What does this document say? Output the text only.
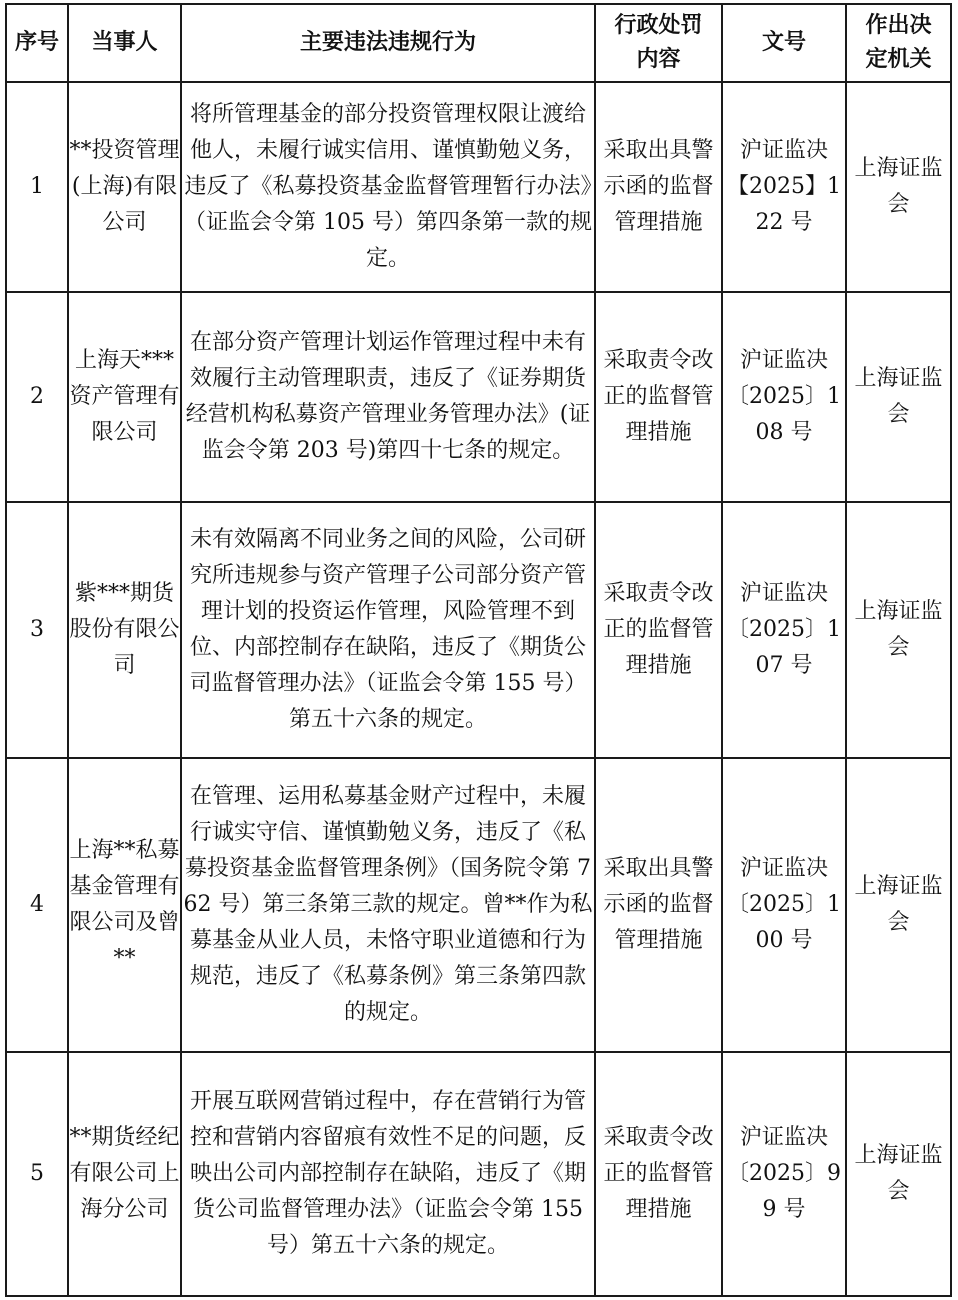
序号	当事人	主要违法违规行为	行政处罚内容	文号	作出决定机关
1	**投资管理(上海)有限公司	将所管理基金的部分投资管理权限让渡给他人，未履行诚实信用、谨慎勤勉义务，违反了《私募投资基金监督管理暂行办法》（证监会令第 105 号）第四条第一款的规定。	采取出具警示函的监督管理措施	沪证监决【2025】122 号	上海证监会
2	上海天***资产管理有限公司	在部分资产管理计划运作管理过程中未有效履行主动管理职责，违反了《证券期货经营机构私募资产管理业务管理办法》(证监会令第 203 号)第四十七条的规定。	采取责令改正的监督管理措施	沪证监决〔2025〕108 号	上海证监会
3	紫***期货股份有限公司	未有效隔离不同业务之间的风险，公司研究所违规参与资产管理子公司部分资产管理计划的投资运作管理，风险管理不到位、内部控制存在缺陷，违反了《期货公司监督管理办法》（证监会令第 155 号）第五十六条的规定。	采取责令改正的监督管理措施	沪证监决〔2025〕107 号	上海证监会
4	上海**私募基金管理有限公司及曾**	在管理、运用私募基金财产过程中，未履行诚实守信、谨慎勤勉义务，违反了《私募投资基金监督管理条例》（国务院令第 762 号）第三条第三款的规定。曾**作为私募基金从业人员，未恪守职业道德和行为规范，违反了《私募条例》第三条第四款的规定。	采取出具警示函的监督管理措施	沪证监决〔2025〕100 号	上海证监会
5	**期货经纪有限公司上海分公司	开展互联网营销过程中，存在营销行为管控和营销内容留痕有效性不足的问题，反映出公司内部控制存在缺陷，违反了《期货公司监督管理办法》（证监会令第 155 号）第五十六条的规定。	采取责令改正的监督管理措施	沪证监决〔2025〕99 号	上海证监会
